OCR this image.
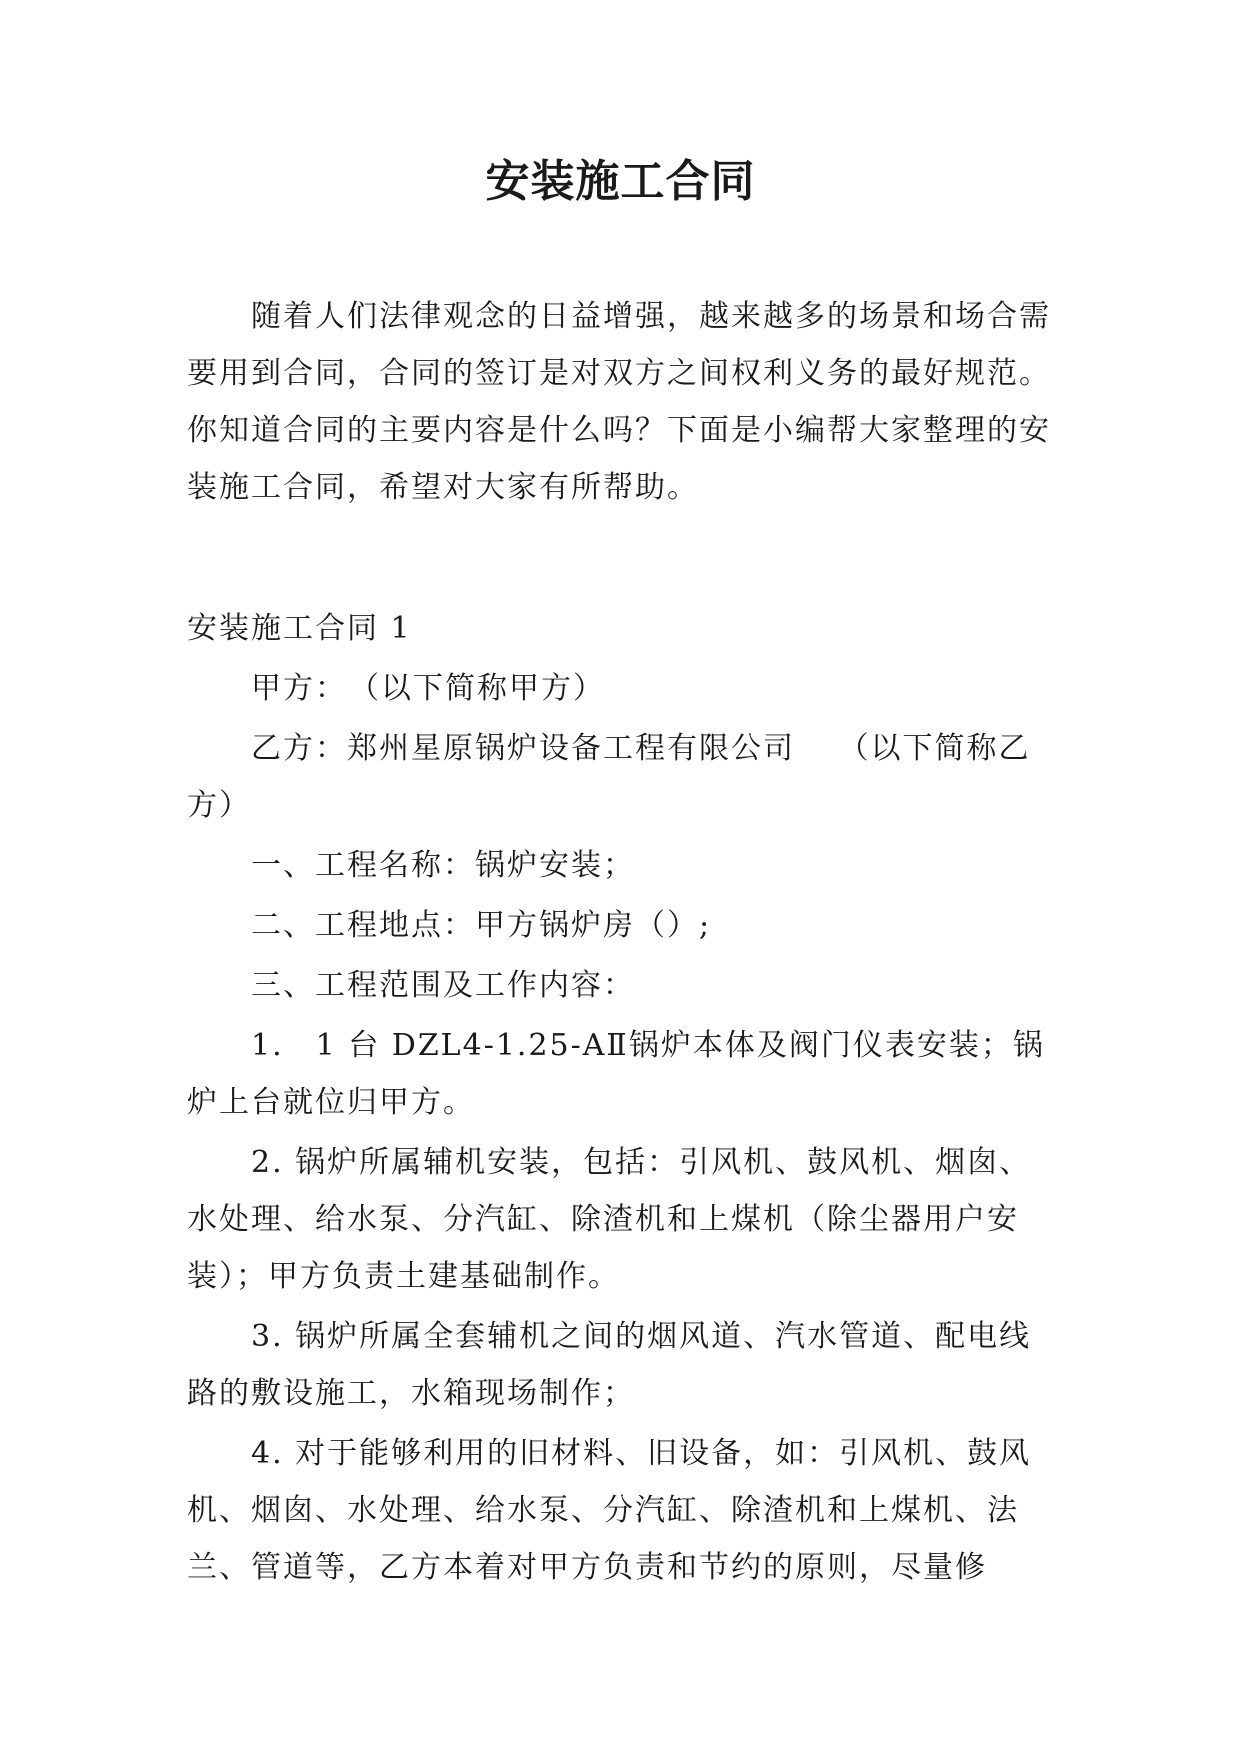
安装施工合同

随着人们法律观念的日益增强，越来越多的场景和场合需要用到合同，合同的签订是对双方之间权利义务的最好规范。你知道合同的主要内容是什么吗？下面是小编帮大家整理的安装施工合同，希望对大家有所帮助。

安装施工合同 1

甲方：　（以下简称甲方）

乙方：郑州星原锅炉设备工程有限公司　 （以下简称乙方）

一、工程名称：锅炉安装；

二、工程地点：甲方锅炉房（）;

三、工程范围及工作内容：

1.　1 台 DZL4-1.25-AⅡ锅炉本体及阀门仪表安装；锅炉上台就位归甲方。

2. 锅炉所属辅机安装，包括：引风机、鼓风机、烟囱、水处理、给水泵、分汽缸、除渣机和上煤机（除尘器用户安装）；甲方负责土建基础制作。

3. 锅炉所属全套辅机之间的烟风道、汽水管道、配电线路的敷设施工，水箱现场制作；

4. 对于能够利用的旧材料、旧设备，如：引风机、鼓风机、烟囱、水处理、给水泵、分汽缸、除渣机和上煤机、法兰、管道等，乙方本着对甲方负责和节约的原则，尽量修
